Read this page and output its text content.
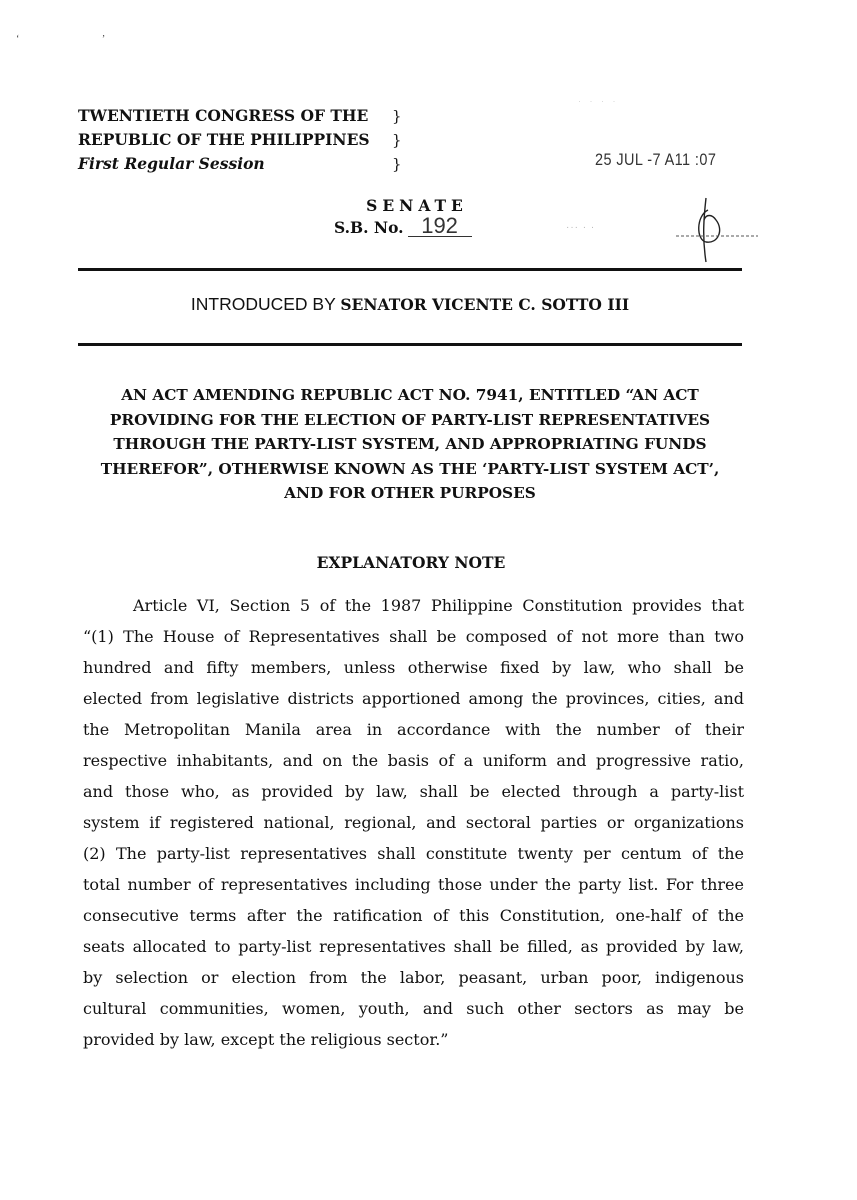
‘ ’
TWENTIETH CONGRESS OF THE	}
REPUBLIC OF THE PHILIPPINES	}
First Regular Session	}
· · · ·
25 JUL -7 A11 :07
··· · ·
SENATE
S.B. No. 192
INTRODUCED BY SENATOR VICENTE C. SOTTO III
AN ACT AMENDING REPUBLIC ACT NO. 7941, ENTITLED “AN ACT
PROVIDING FOR THE ELECTION OF PARTY-LIST REPRESENTATIVES
THROUGH THE PARTY-LIST SYSTEM, AND APPROPRIATING FUNDS
THEREFOR”, OTHERWISE KNOWN AS THE ‘PARTY-LIST SYSTEM ACT’,
AND FOR OTHER PURPOSES
EXPLANATORY NOTE
Article VI, Section 5 of the 1987 Philippine Constitution provides that
“(1) The House of Representatives shall be composed of not more than two
hundred and fifty members, unless otherwise fixed by law, who shall be
elected from legislative districts apportioned among the provinces, cities, and
the Metropolitan Manila area in accordance with the number of their
respective inhabitants, and on the basis of a uniform and progressive ratio,
and those who, as provided by law, shall be elected through a party-list
system if registered national, regional, and sectoral parties or organizations
(2) The party-list representatives shall constitute twenty per centum of the
total number of representatives including those under the party list. For three
consecutive terms after the ratification of this Constitution, one-half of the
seats allocated to party-list representatives shall be filled, as provided by law,
by selection or election from the labor, peasant, urban poor, indigenous
cultural communities, women, youth, and such other sectors as may be
provided by law, except the religious sector.”
